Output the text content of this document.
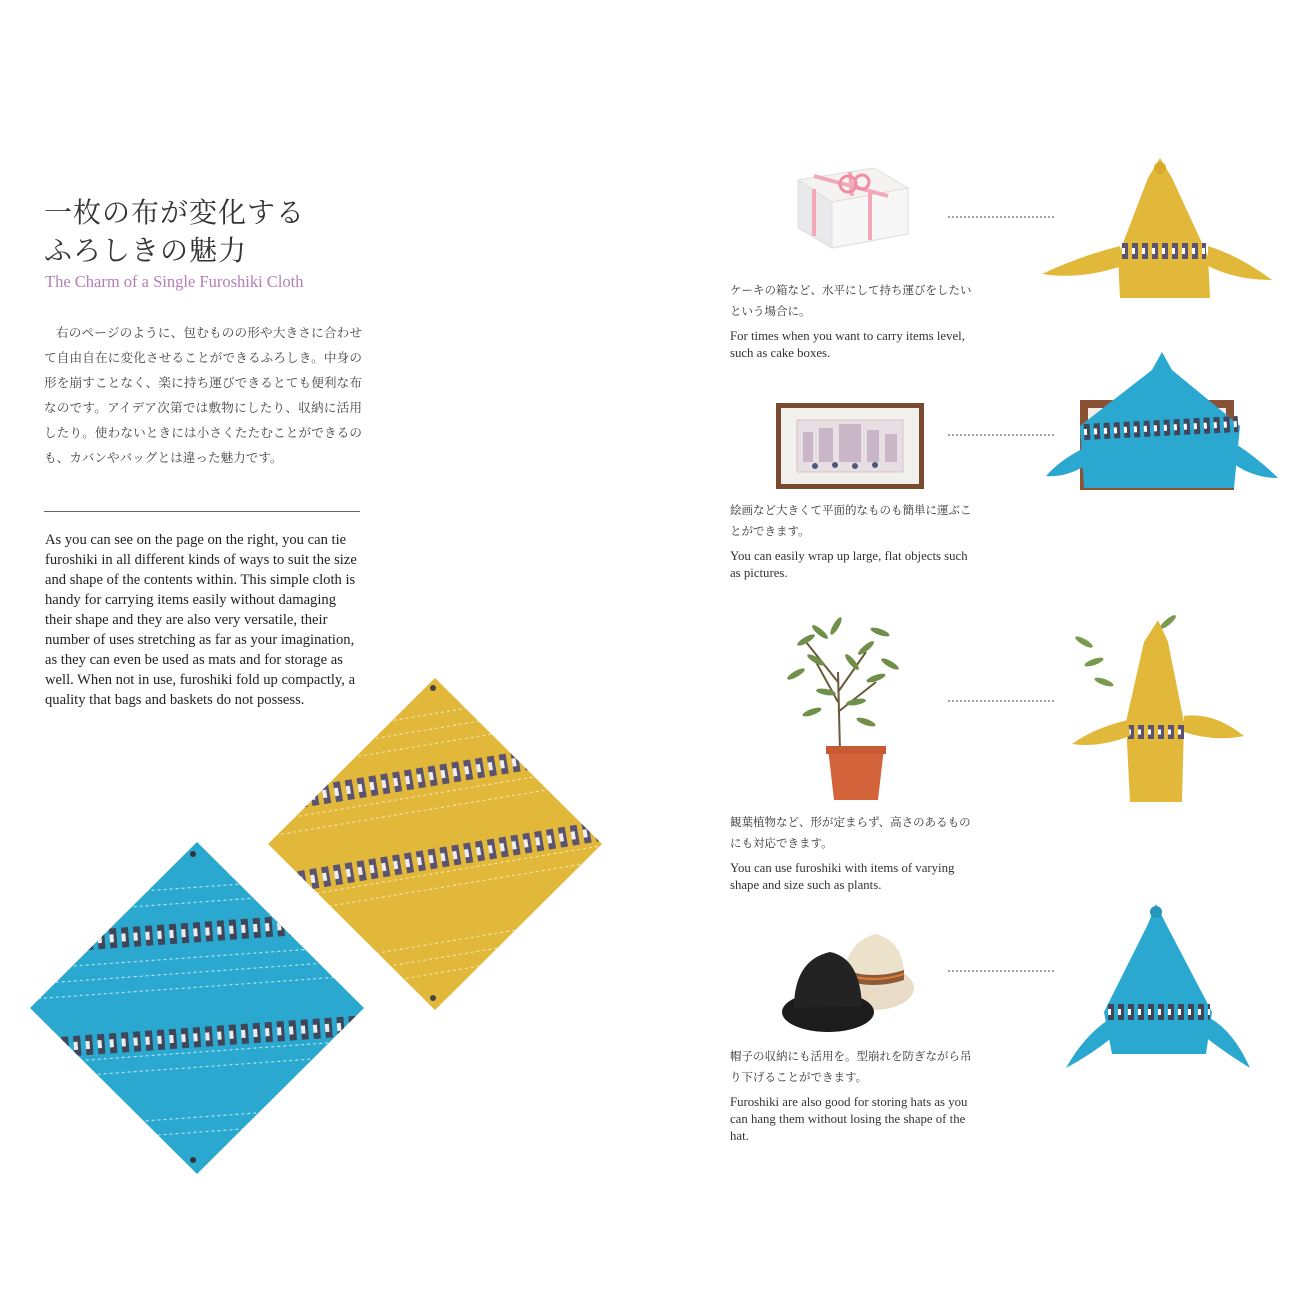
一枚の布が変化する
ふろしきの魅力
The Charm of a Single Furoshiki Cloth

右のページのように、包むものの形や大きさに合わせて自由自在に変化させることができるふろしき。中身の形を崩すことなく、楽に持ち運びできるとても便利な布なのです。アイデア次第では敷物にしたり、収納に活用したり。使わないときには小さくたたむことができるのも、カバンやバッグとは違った魅力です。

As you can see on the page on the right, you can tie furoshiki in all different kinds of ways to suit the size and shape of the contents within. This simple cloth is handy for carrying items easily without damaging their shape and they are also very versatile, their number of uses stretching as far as your imagination, as they can even be used as mats and for storage as well. When not in use, furoshiki fold up compactly, a quality that bags and baskets do not possess.

ケーキの箱など、水平にして持ち運びをしたいという場合に。
For times when you want to carry items level, such as cake boxes.
絵画など大きくて平面的なものも簡単に運ぶことができます。
You can easily wrap up large, flat objects such as pictures.
観葉植物など、形が定まらず、高さのあるものにも対応できます。
You can use furoshiki with items of varying shape and size such as plants.
帽子の収納にも活用を。型崩れを防ぎながら吊り下げることができます。
Furoshiki are also good for storing hats as you can hang them without losing the shape of the hat.
